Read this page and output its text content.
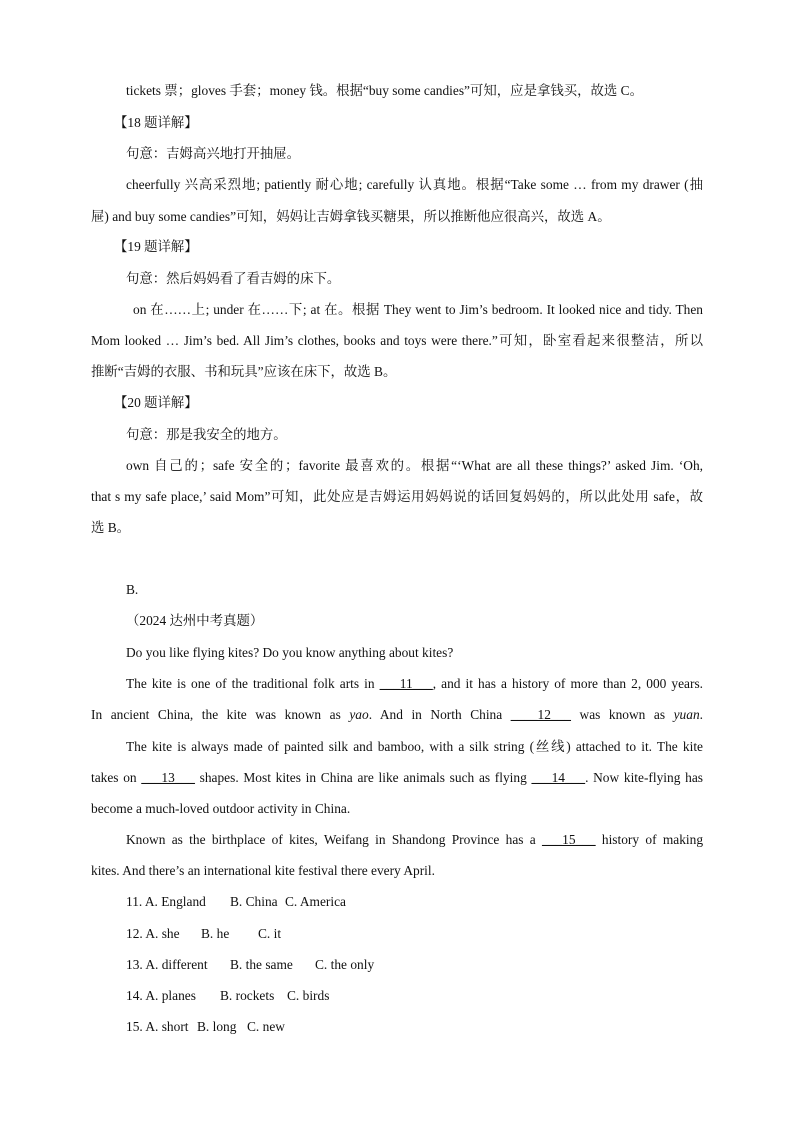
tickets 票；gloves 手套；money 钱。根据“buy some candies”可知，应是拿钱买，故选 C。
【18 题详解】
句意：吉姆高兴地打开抽屉。
cheerfully 兴高采烈地; patiently 耐心地; carefully 认真地。根据“Take some … from my drawer (抽
屉) and buy some candies”可知，妈妈让吉姆拿钱买糖果，所以推断他应很高兴，故选 A。
【19 题详解】
句意：然后妈妈看了看吉姆的床下。
on 在……上; under 在……下; at 在。根据 They went to Jim’s bedroom. It looked nice and tidy. Then
Mom looked … Jim’s bed. All Jim’s clothes, books and toys were there.”可知，卧室看起来很整洁，所以
推断“吉姆的衣服、书和玩具”应该在床下，故选 B。
【20 题详解】
句意：那是我安全的地方。
own 自己的；safe 安全的；favorite 最喜欢的。根据“‘What are all these things?’ asked Jim. ‘Oh,
that s my safe place,’ said Mom”可知，此处应是吉姆运用妈妈说的话回复妈妈的，所以此处用 safe，故
选 B。
B.
（2024 达州中考真题）
Do you like flying kites? Do you know anything about kites?
The kite is one of the traditional folk arts in ___11___, and it has a history of more than 2, 000 years.
In ancient China, the kite was known as yao. And in North China ____12___ was known as yuan.
The kite is always made of painted silk and bamboo, with a silk string (丝线) attached to it. The kite
takes on ___13___ shapes. Most kites in China are like animals such as flying ___14___. Now kite-flying has
become a much-loved outdoor activity in China.
Known as the birthplace of kites, Weifang in Shandong Province has a ___15___ history of making
kites. And there’s an international kite festival there every April.
11. A. England B. China C. America
12. A. she B. he C. it
13. A. different B. the same C. the only
14. A. planes B. rockets C. birds
15. A. short B. long C. new
